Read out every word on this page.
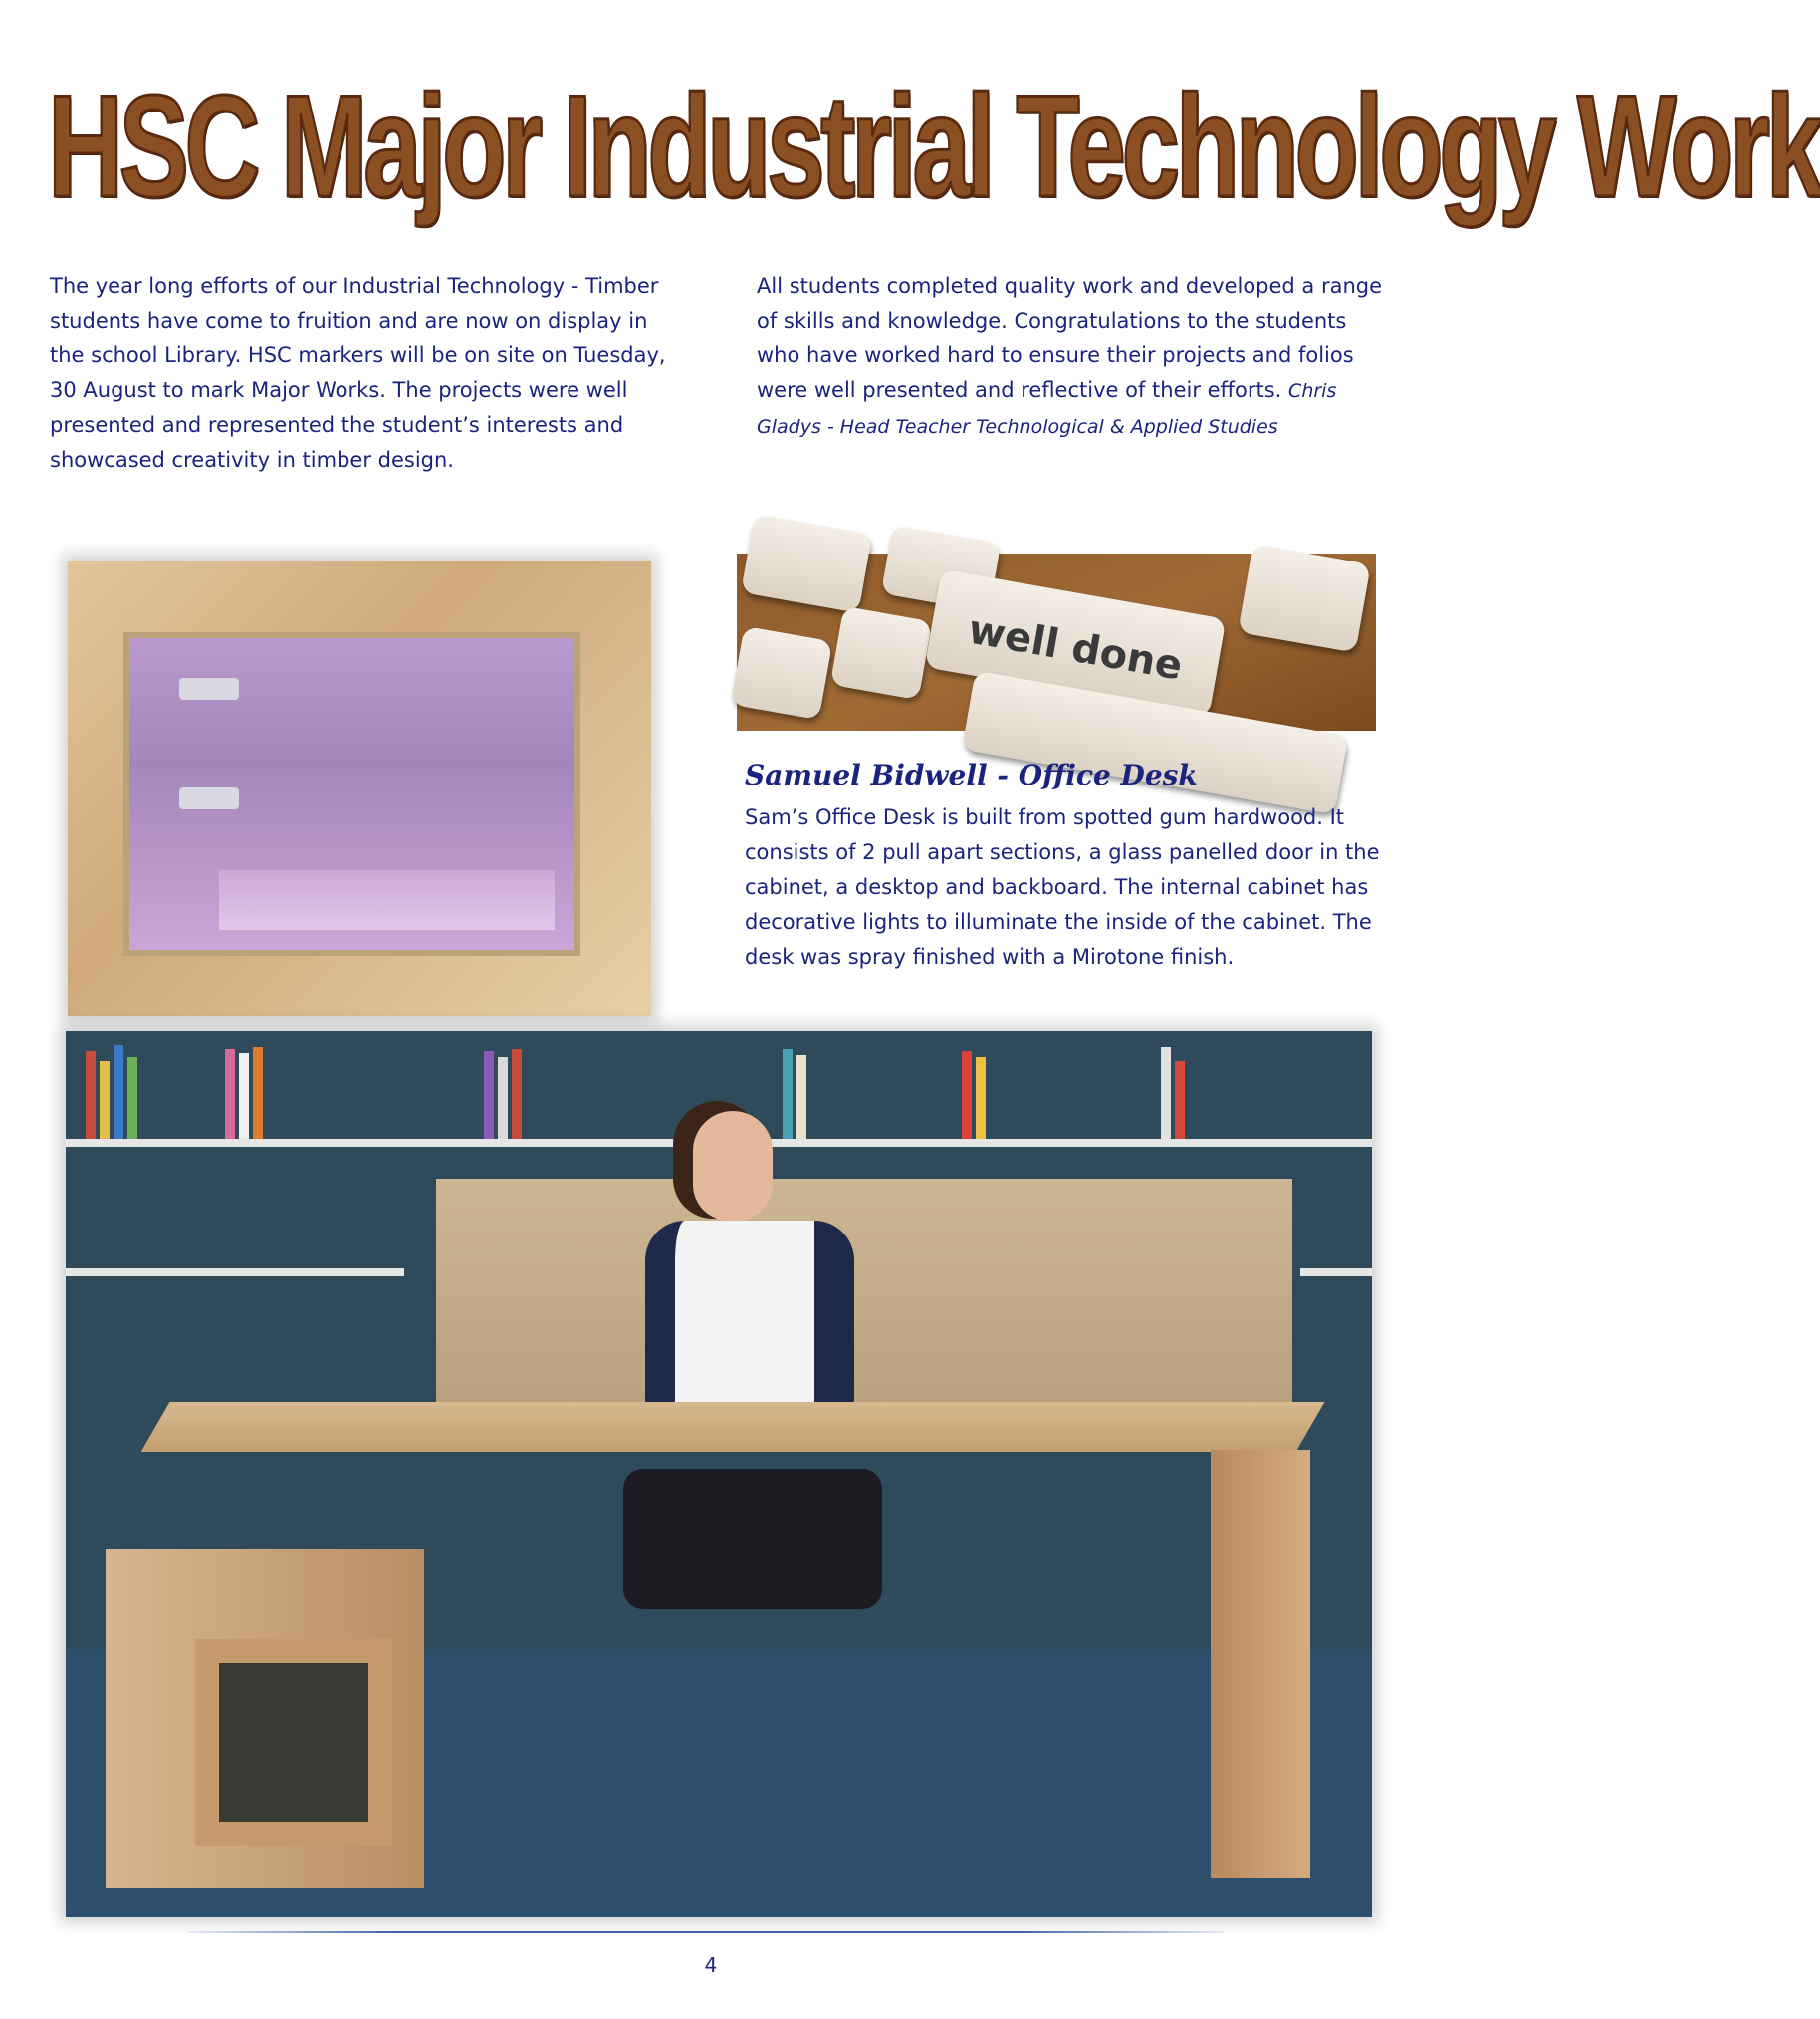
HSC Major Industrial Technology Work
The year long efforts of our Industrial Technology - Timber students have come to fruition and are now on display in the school Library. HSC markers will be on site on Tuesday, 30 August to mark Major Works. The projects were well presented and represented the student’s interests and showcased creativity in timber design.
All students completed quality work and developed a range of skills and knowledge. Congratulations to the students who have worked hard to ensure their projects and folios were well presented and reflective of their efforts. Chris Gladys - Head Teacher Technological & Applied Studies
well done
Samuel Bidwell - Office Desk
Sam’s Office Desk is built from spotted gum hardwood. It consists of 2 pull apart sections, a glass panelled door in the cabinet, a desktop and backboard. The internal cabinet has decorative lights to illuminate the inside of the cabinet. The desk was spray finished with a Mirotone finish.
4
